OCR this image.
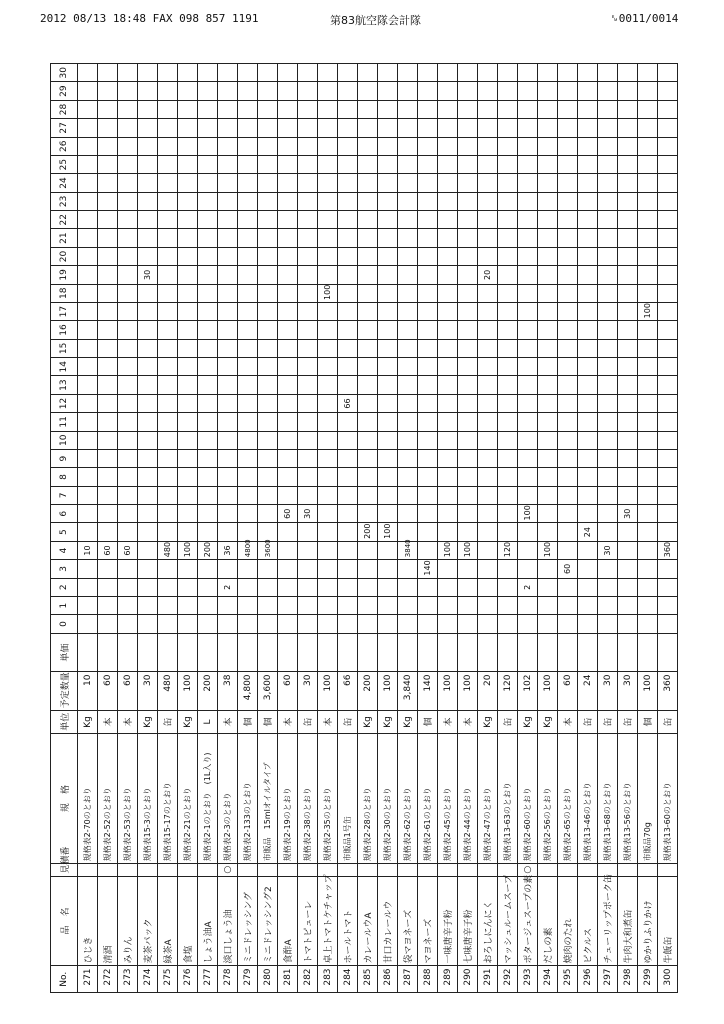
2012 08/13 18:48 FAX 098 857 1191	第83航空隊会計隊	␙0011/0014
No.	品　名	見積番	規　格	単位	予定数量	単価	0	1	2	3	4	5	6	7	8	9	10	11	12	13	14	15	16	17	18	19	20	21	22	23	24	25	26	27	28	29	30
271	ひじき		規格表2-70のとおり	Kg	10						10																										
272	清酒		規格表2-52のとおり	本	60						60																										
273	みりん		規格表2-53のとおり	本	60						60																										
274	麦茶パック		規格表15-3のとおり	Kg	30																					30											
275	緑茶A		規格表15-17のとおり	缶	480						480																										
276	食塩		規格表2-21のとおり	Kg	100						100																										
277	しょう油A		規格表2-1のとおり　(1L入り)	L	200						200																										
278	淡口しょう油	○	規格表2-3のとおり	本	38				2		36																										
279	ミニドレッシング		規格表2-133のとおり	個	4,800						4800																										
280	ミニドレッシング2		市販品　15mlオイルタイプ	個	3,600						3600																										
281	食酢A		規格表2-19のとおり	本	60								60																								
282	トマトピューレ		規格表2-38のとおり	缶	30								30																								
283	卓上トマトケチャップ		規格表2-35のとおり	本	100																				100												
284	ホールトマト		市販品1号缶	缶	66														66																		
285	カレールウA		規格表2-28のとおり	Kg	200							200																									
286	甘口カレールウ		規格表2-30のとおり	Kg	100							100																									
287	袋マヨネーズ		規格表2-62のとおり	Kg	3,840						3840																										
288	マヨネーズ		規格表2-61のとおり	個	140					140																											
289	一味唐辛子粉		規格表2-45のとおり	本	100						100																										
290	七味唐辛子粉		規格表2-44のとおり	本	100						100																										
291	おろしにんにく		規格表2-47のとおり	Kg	20																					20											
292	マッシュルームスープ		規格表13-63のとおり	缶	120						120																										
293	ポタージュスープの素	○	規格表2-60のとおり	Kg	102				2				100																								
294	だしの素		規格表2-56のとおり	Kg	100						100																										
295	焼肉のたれ		規格表2-65のとおり	本	60					60																											
296	ピクルス		規格表13-46のとおり	缶	24							24																									
297	チューリップポーク缶		規格表13-68のとおり	缶	30						30																										
298	牛肉大和煮缶		規格表13-56のとおり	缶	30								30																								
299	ゆかりふりかけ		市販品70g	個	100																			100													
300	牛飯缶		規格表13-60のとおり	缶	360						360																										
